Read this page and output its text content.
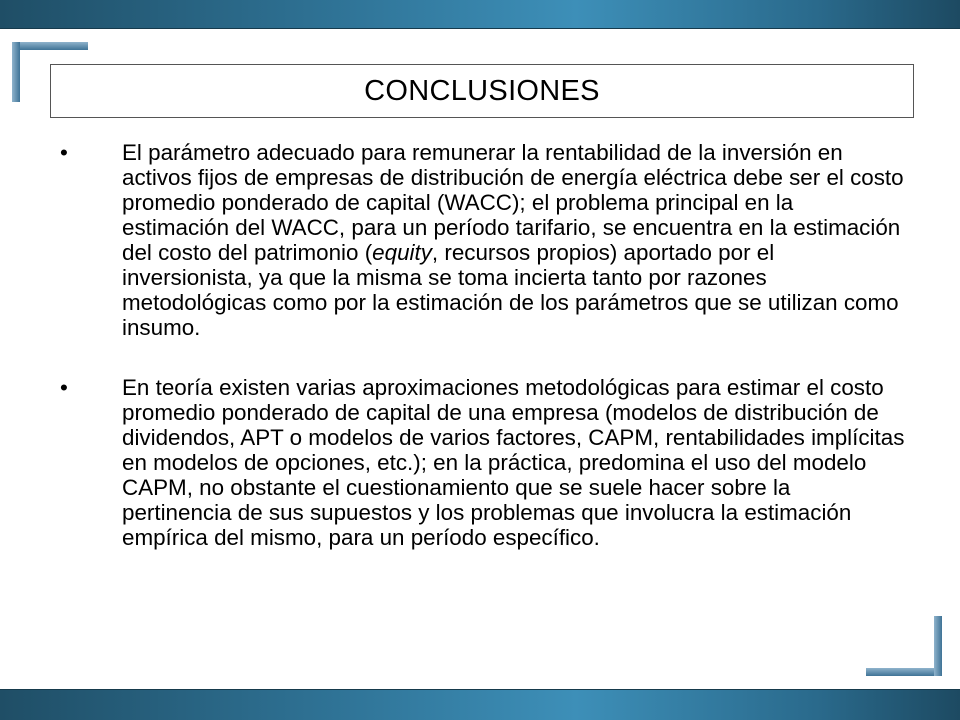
CONCLUSIONES
• El parámetro adecuado para remunerar la rentabilidad de la inversión en activos fijos de empresas de distribución de energía eléctrica debe ser el costo promedio ponderado de capital (WACC); el problema principal en la estimación del WACC, para un período tarifario, se encuentra en la estimación del costo del patrimonio (equity, recursos propios) aportado por el inversionista, ya que la misma se toma incierta tanto por razones metodológicas como por la estimación de los parámetros que se utilizan como insumo.
• En teoría existen varias aproximaciones metodológicas para estimar el costo promedio ponderado de capital de una empresa (modelos de distribución de dividendos, APT o modelos de varios factores, CAPM, rentabilidades implícitas en modelos de opciones, etc.); en la práctica, predomina el uso del modelo CAPM, no obstante el cuestionamiento que se suele hacer sobre la pertinencia de sus supuestos y los problemas que involucra la estimación empírica del mismo, para un período específico.
